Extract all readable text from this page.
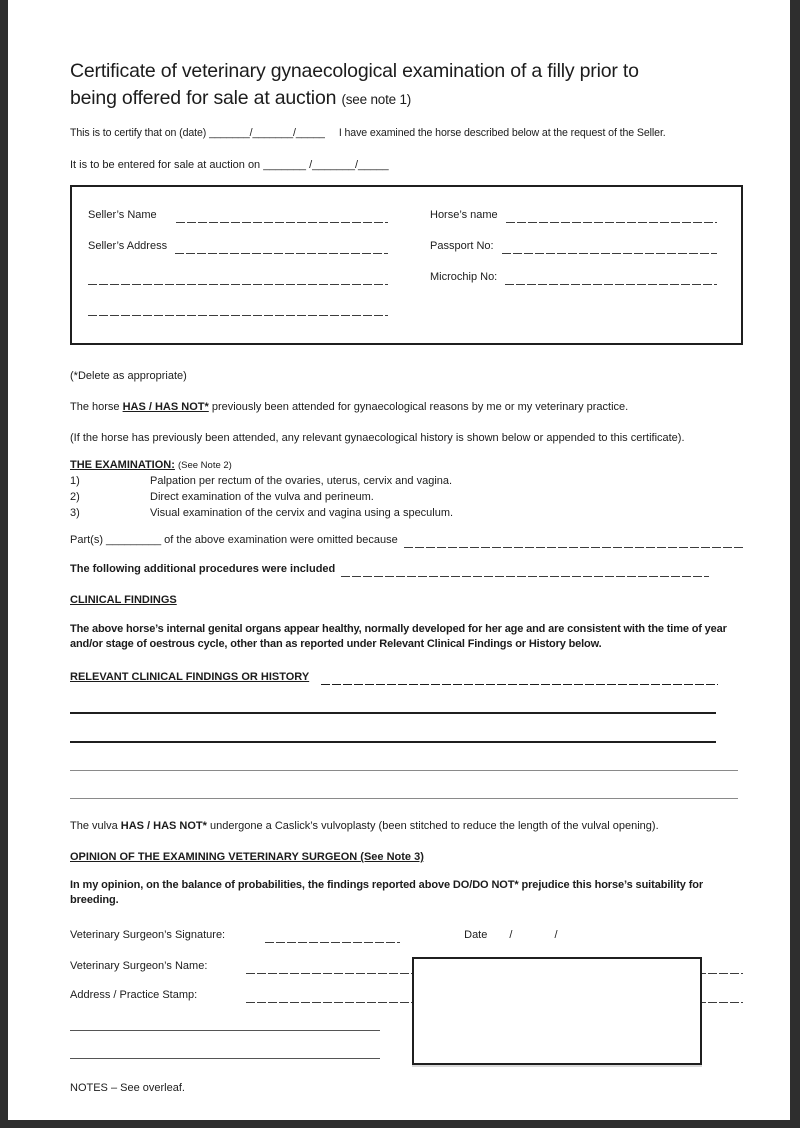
Certificate of veterinary gynaecological examination of a filly prior to
being offered for sale at auction (see note 1)

This is to certify that on (date) _______/_______/_____ I have examined the horse described below at the request of the Seller.

It is to be entered for sale at auction on _______ /_______/_____

Seller’s Name
Seller’s Address
Horse’s name
Passport No:
Microchip No:

(*Delete as appropriate)

The horse HAS / HAS NOT* previously been attended for gynaecological reasons by me or my veterinary practice.

(If the horse has previously been attended, any relevant gynaecological history is shown below or appended to this certificate).

THE EXAMINATION: (See Note 2)

1)	Palpation per rectum of the ovaries, uterus, cervix and vagina.
2)	Direct examination of the vulva and perineum.
3)	Visual examination of the cervix and vagina using a speculum.
Part(s) _________ of the above examination were omitted because
The following additional procedures were included

CLINICAL FINDINGS

The above horse’s internal genital organs appear healthy, normally developed for her age and are consistent with the time of year and/or stage of oestrous cycle, other than as reported under Relevant Clinical Findings or History below.

RELEVANT CLINICAL FINDINGS OR HISTORY

The vulva HAS / HAS NOT* undergone a Caslick’s vulvoplasty (been stitched to reduce the length of the vulval opening).

OPINION OF THE EXAMINING VETERINARY SURGEON (See Note 3)

In my opinion, on the balance of probabilities, the findings reported above DO/DO NOT* prejudice this horse’s suitability for breeding.

Veterinary Surgeon’s Signature:	Date /	/
Veterinary Surgeon’s Name:
Address / Practice Stamp:

NOTES – See overleaf.
